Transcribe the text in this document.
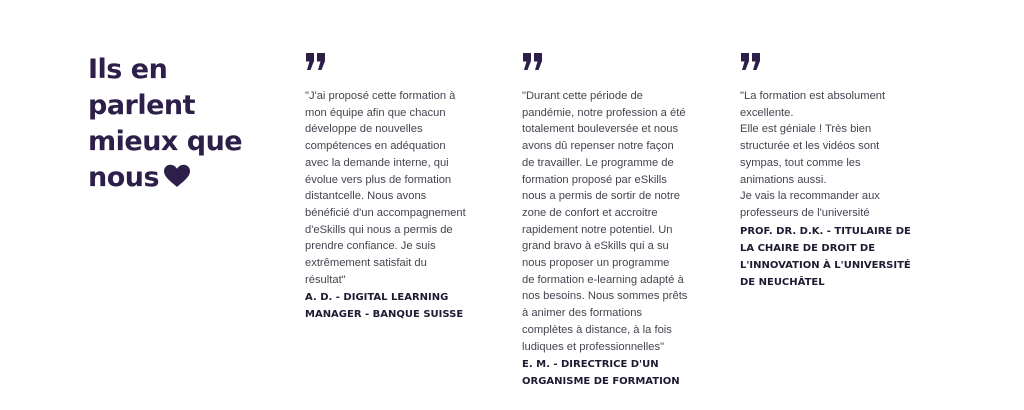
Ils en parlent mieux que nous
"J'ai proposé cette formation à
mon équipe afin que chacun
développe de nouvelles
compétences en adéquation
avec la demande interne, qui
évolue vers plus de formation
distantcelle. Nous avons
bénéficié d'un accompagnement
d'eSkills qui nous a permis de
prendre confiance. Je suis
extrêmement satisfait du
résultat"
A. D. - DIGITAL LEARNING
MANAGER - BANQUE SUISSE
"Durant cette période de
pandémie, notre profession a été
totalement bouleversée et nous
avons dû repenser notre façon
de travailler. Le programme de
formation proposé par eSkills
nous a permis de sortir de notre
zone de confort et accroitre
rapidement notre potentiel. Un
grand bravo à eSkills qui a su
nous proposer un programme
de formation e-learning adapté à
nos besoins. Nous sommes prêts
à animer des formations
complètes à distance, à la fois
ludiques et professionnelles"
E. M. - DIRECTRICE D'UN
ORGANISME DE FORMATION
"La formation est absolument
excellente.
Elle est géniale ! Très bien
structurée et les vidéos sont
sympas, tout comme les
animations aussi.
Je vais la recommander aux
professeurs de l'université
PROF. DR. D.K. - TITULAIRE DE
LA CHAIRE DE DROIT DE
L'INNOVATION À L'UNIVERSITÉ
DE NEUCHÂTEL
